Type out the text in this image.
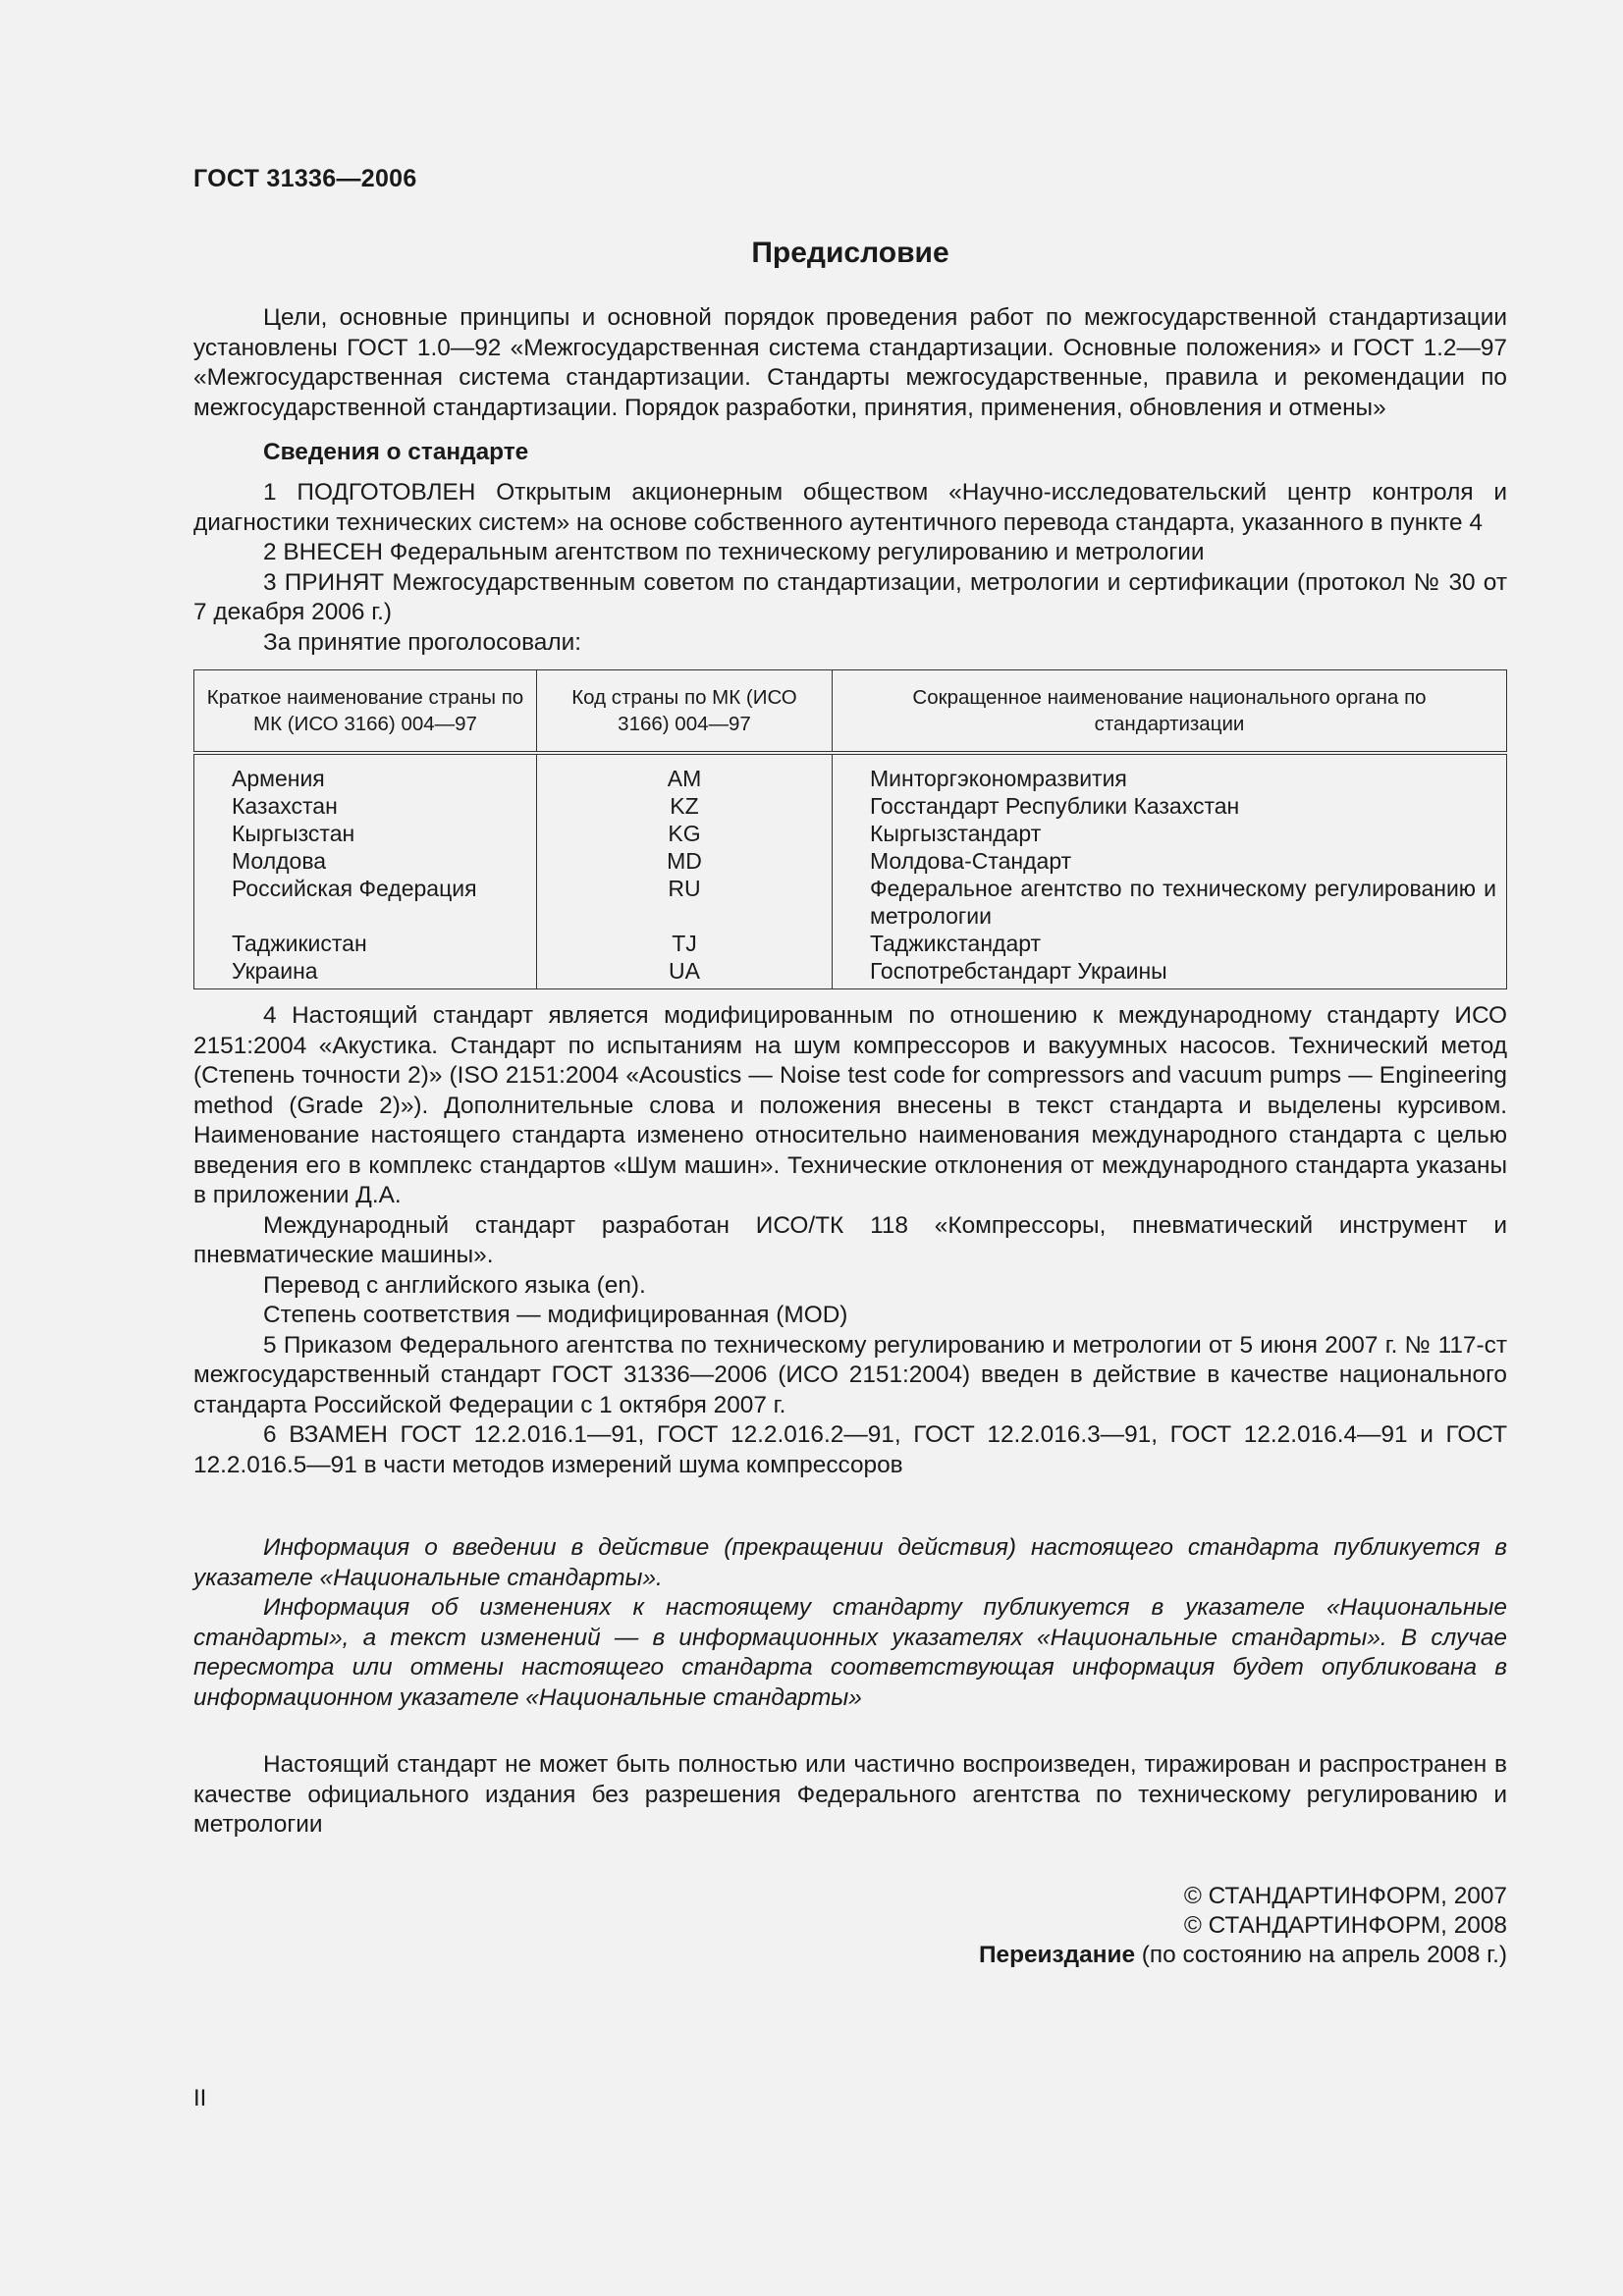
ГОСТ 31336—2006
Предисловие

Цели, основные принципы и основной порядок проведения работ по межгосударственной стандартизации установлены ГОСТ 1.0—92 «Межгосударственная система стандартизации. Основные положения» и ГОСТ 1.2—97 «Межгосударственная система стандартизации. Стандарты межгосударственные, правила и рекомендации по межгосударственной стандартизации. Порядок разработки, принятия, применения, обновления и отмены»

Сведения о стандарте

1 ПОДГОТОВЛЕН Открытым акционерным обществом «Научно-исследовательский центр контроля и диагностики технических систем» на основе собственного аутентичного перевода стандарта, указанного в пункте 4

2 ВНЕСЕН Федеральным агентством по техническому регулированию и метрологии

3 ПРИНЯТ Межгосударственным советом по стандартизации, метрологии и сертификации (протокол № 30 от 7 декабря 2006 г.)

За принятие проголосовали:

Краткое наименование страны по МК (ИСО 3166) 004—97	Код страны по МК (ИСО 3166) 004—97	Сокращенное наименование национального органа по стандартизации
Армения	AM	Минторгэкономразвития
Казахстан	KZ	Госстандарт Республики Казахстан
Кыргызстан	KG	Кыргызстандарт
Молдова	MD	Молдова-Стандарт
Российская Федерация	RU	Федеральное агентство по техническому регулированию и метрологии
Таджикистан	TJ	Таджикстандарт
Украина	UA	Госпотребстандарт Украины

4 Настоящий стандарт является модифицированным по отношению к международному стандарту ИСО 2151:2004 «Акустика. Стандарт по испытаниям на шум компрессоров и вакуумных насосов. Технический метод (Степень точности 2)» (ISO 2151:2004 «Acoustics — Noise test code for compressors and vacuum pumps — Engineering method (Grade 2)»). Дополнительные слова и положения внесены в текст стандарта и выделены курсивом. Наименование настоящего стандарта изменено относительно наименования международного стандарта с целью введения его в комплекс стандартов «Шум машин». Технические отклонения от международного стандарта указаны в приложении Д.А.

Международный стандарт разработан ИСО/ТК 118 «Компрессоры, пневматический инструмент и пневматические машины».

Перевод с английского языка (en).

Степень соответствия — модифицированная (MOD)

5 Приказом Федерального агентства по техническому регулированию и метрологии от 5 июня 2007 г. № 117-ст межгосударственный стандарт ГОСТ 31336—2006 (ИСО 2151:2004) введен в действие в качестве национального стандарта Российской Федерации с 1 октября 2007 г.

6 ВЗАМЕН ГОСТ 12.2.016.1—91, ГОСТ 12.2.016.2—91, ГОСТ 12.2.016.3—91, ГОСТ 12.2.016.4—91 и ГОСТ 12.2.016.5—91 в части методов измерений шума компрессоров

Информация о введении в действие (прекращении действия) настоящего стандарта публикуется в указателе «Национальные стандарты».

Информация об изменениях к настоящему стандарту публикуется в указателе «Национальные стандарты», а текст изменений — в информационных указателях «Национальные стандарты». В случае пересмотра или отмены настоящего стандарта соответствующая информация будет опубликована в информационном указателе «Национальные стандарты»

Настоящий стандарт не может быть полностью или частично воспроизведен, тиражирован и распространен в качестве официального издания без разрешения Федерального агентства по техническому регулированию и метрологии

© СТАНДАРТИНФОРМ, 2007
© СТАНДАРТИНФОРМ, 2008
Переиздание (по состоянию на апрель 2008 г.)
II
